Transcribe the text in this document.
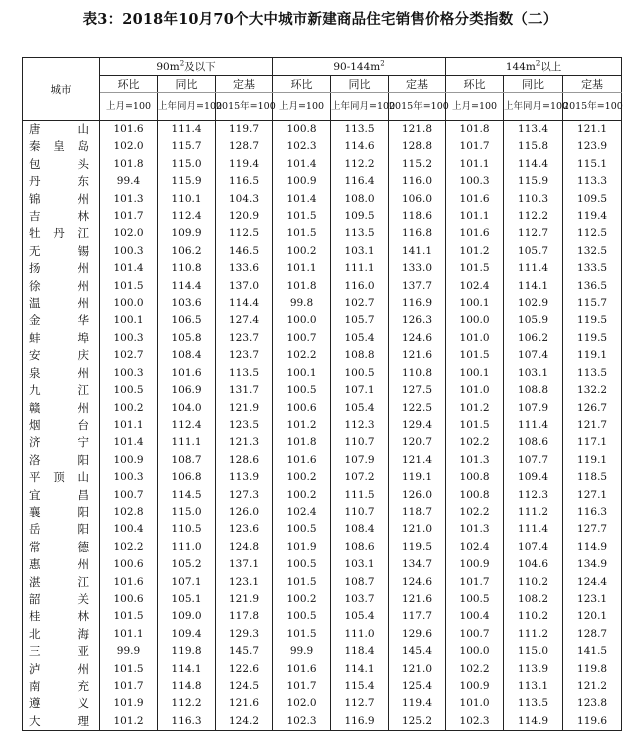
表3：2018年10月70个大中城市新建商品住宅销售价格分类指数（二）
城市	$90m^2$及以下			$90-144m^2$			$144m^2$以上		
	环比	同比	定基	环比	同比	定基	环比	同比	定基
	上月=100	上年同月=100	2015年=100	上月=100	上年同月=100	2015年=100	上月=100	上年同月=100	2015年=100
唐山	101.6	111.4	119.7	100.8	113.5	121.8	101.8	113.4	121.1
秦皇岛	102.0	115.7	128.7	102.3	114.6	128.8	101.7	115.8	123.9
包头	101.8	115.0	119.4	101.4	112.2	115.2	101.1	114.4	115.1
丹东	99.4	115.9	116.5	100.9	116.4	116.0	100.3	115.9	113.3
锦州	101.3	110.1	104.3	101.4	108.0	106.0	101.6	110.3	109.5
吉林	101.7	112.4	120.9	101.5	109.5	118.6	101.1	112.2	119.4
牡丹江	102.0	109.9	112.5	101.5	113.5	116.8	101.6	112.7	112.5
无锡	100.3	106.2	146.5	100.2	103.1	141.1	101.2	105.7	132.5
扬州	101.4	110.8	133.6	101.1	111.1	133.0	101.5	111.4	133.5
徐州	101.5	114.4	137.0	101.8	116.0	137.7	102.4	114.1	136.5
温州	100.0	103.6	114.4	99.8	102.7	116.9	100.1	102.9	115.7
金华	100.1	106.5	127.4	100.0	105.7	126.3	100.0	105.9	119.5
蚌埠	100.3	105.8	123.7	100.7	105.4	124.6	101.0	106.2	119.5
安庆	102.7	108.4	123.7	102.2	108.8	121.6	101.5	107.4	119.1
泉州	100.3	101.6	113.5	100.1	100.5	110.8	100.1	103.1	113.5
九江	100.5	106.9	131.7	100.5	107.1	127.5	101.0	108.8	132.2
赣州	100.2	104.0	121.9	100.6	105.4	122.5	101.2	107.9	126.7
烟台	101.1	112.4	123.5	101.2	112.3	129.4	101.5	111.4	121.7
济宁	101.4	111.1	121.3	101.8	110.7	120.7	102.2	108.6	117.1
洛阳	100.9	108.7	128.6	101.6	107.9	121.4	101.3	107.7	119.1
平顶山	100.3	106.8	113.9	100.2	107.2	119.1	100.8	109.4	118.5
宜昌	100.7	114.5	127.3	100.2	111.5	126.0	100.8	112.3	127.1
襄阳	102.8	115.0	126.0	102.4	110.7	118.7	102.2	111.2	116.3
岳阳	100.4	110.5	123.6	100.5	108.4	121.0	101.3	111.4	127.7
常德	102.2	111.0	124.8	101.9	108.6	119.5	102.4	107.4	114.9
惠州	100.6	105.2	137.1	100.5	103.1	134.7	100.9	104.6	134.9
湛江	101.6	107.1	123.1	101.5	108.7	124.6	101.7	110.2	124.4
韶关	100.6	105.1	121.9	100.2	103.7	121.6	100.5	108.2	123.1
桂林	101.5	109.0	117.8	100.5	105.4	117.7	100.4	110.2	120.1
北海	101.1	109.4	129.3	101.5	111.0	129.6	100.7	111.2	128.7
三亚	99.9	119.8	145.7	99.9	118.4	145.4	100.0	115.0	141.5
泸州	101.5	114.1	122.6	101.6	114.1	121.0	102.2	113.9	119.8
南充	101.7	114.8	124.5	101.7	115.4	125.4	100.9	113.1	121.2
遵义	101.9	112.2	121.6	102.0	112.7	119.4	101.0	113.5	123.8
大理	101.2	116.3	124.2	102.3	116.9	125.2	102.3	114.9	119.6
